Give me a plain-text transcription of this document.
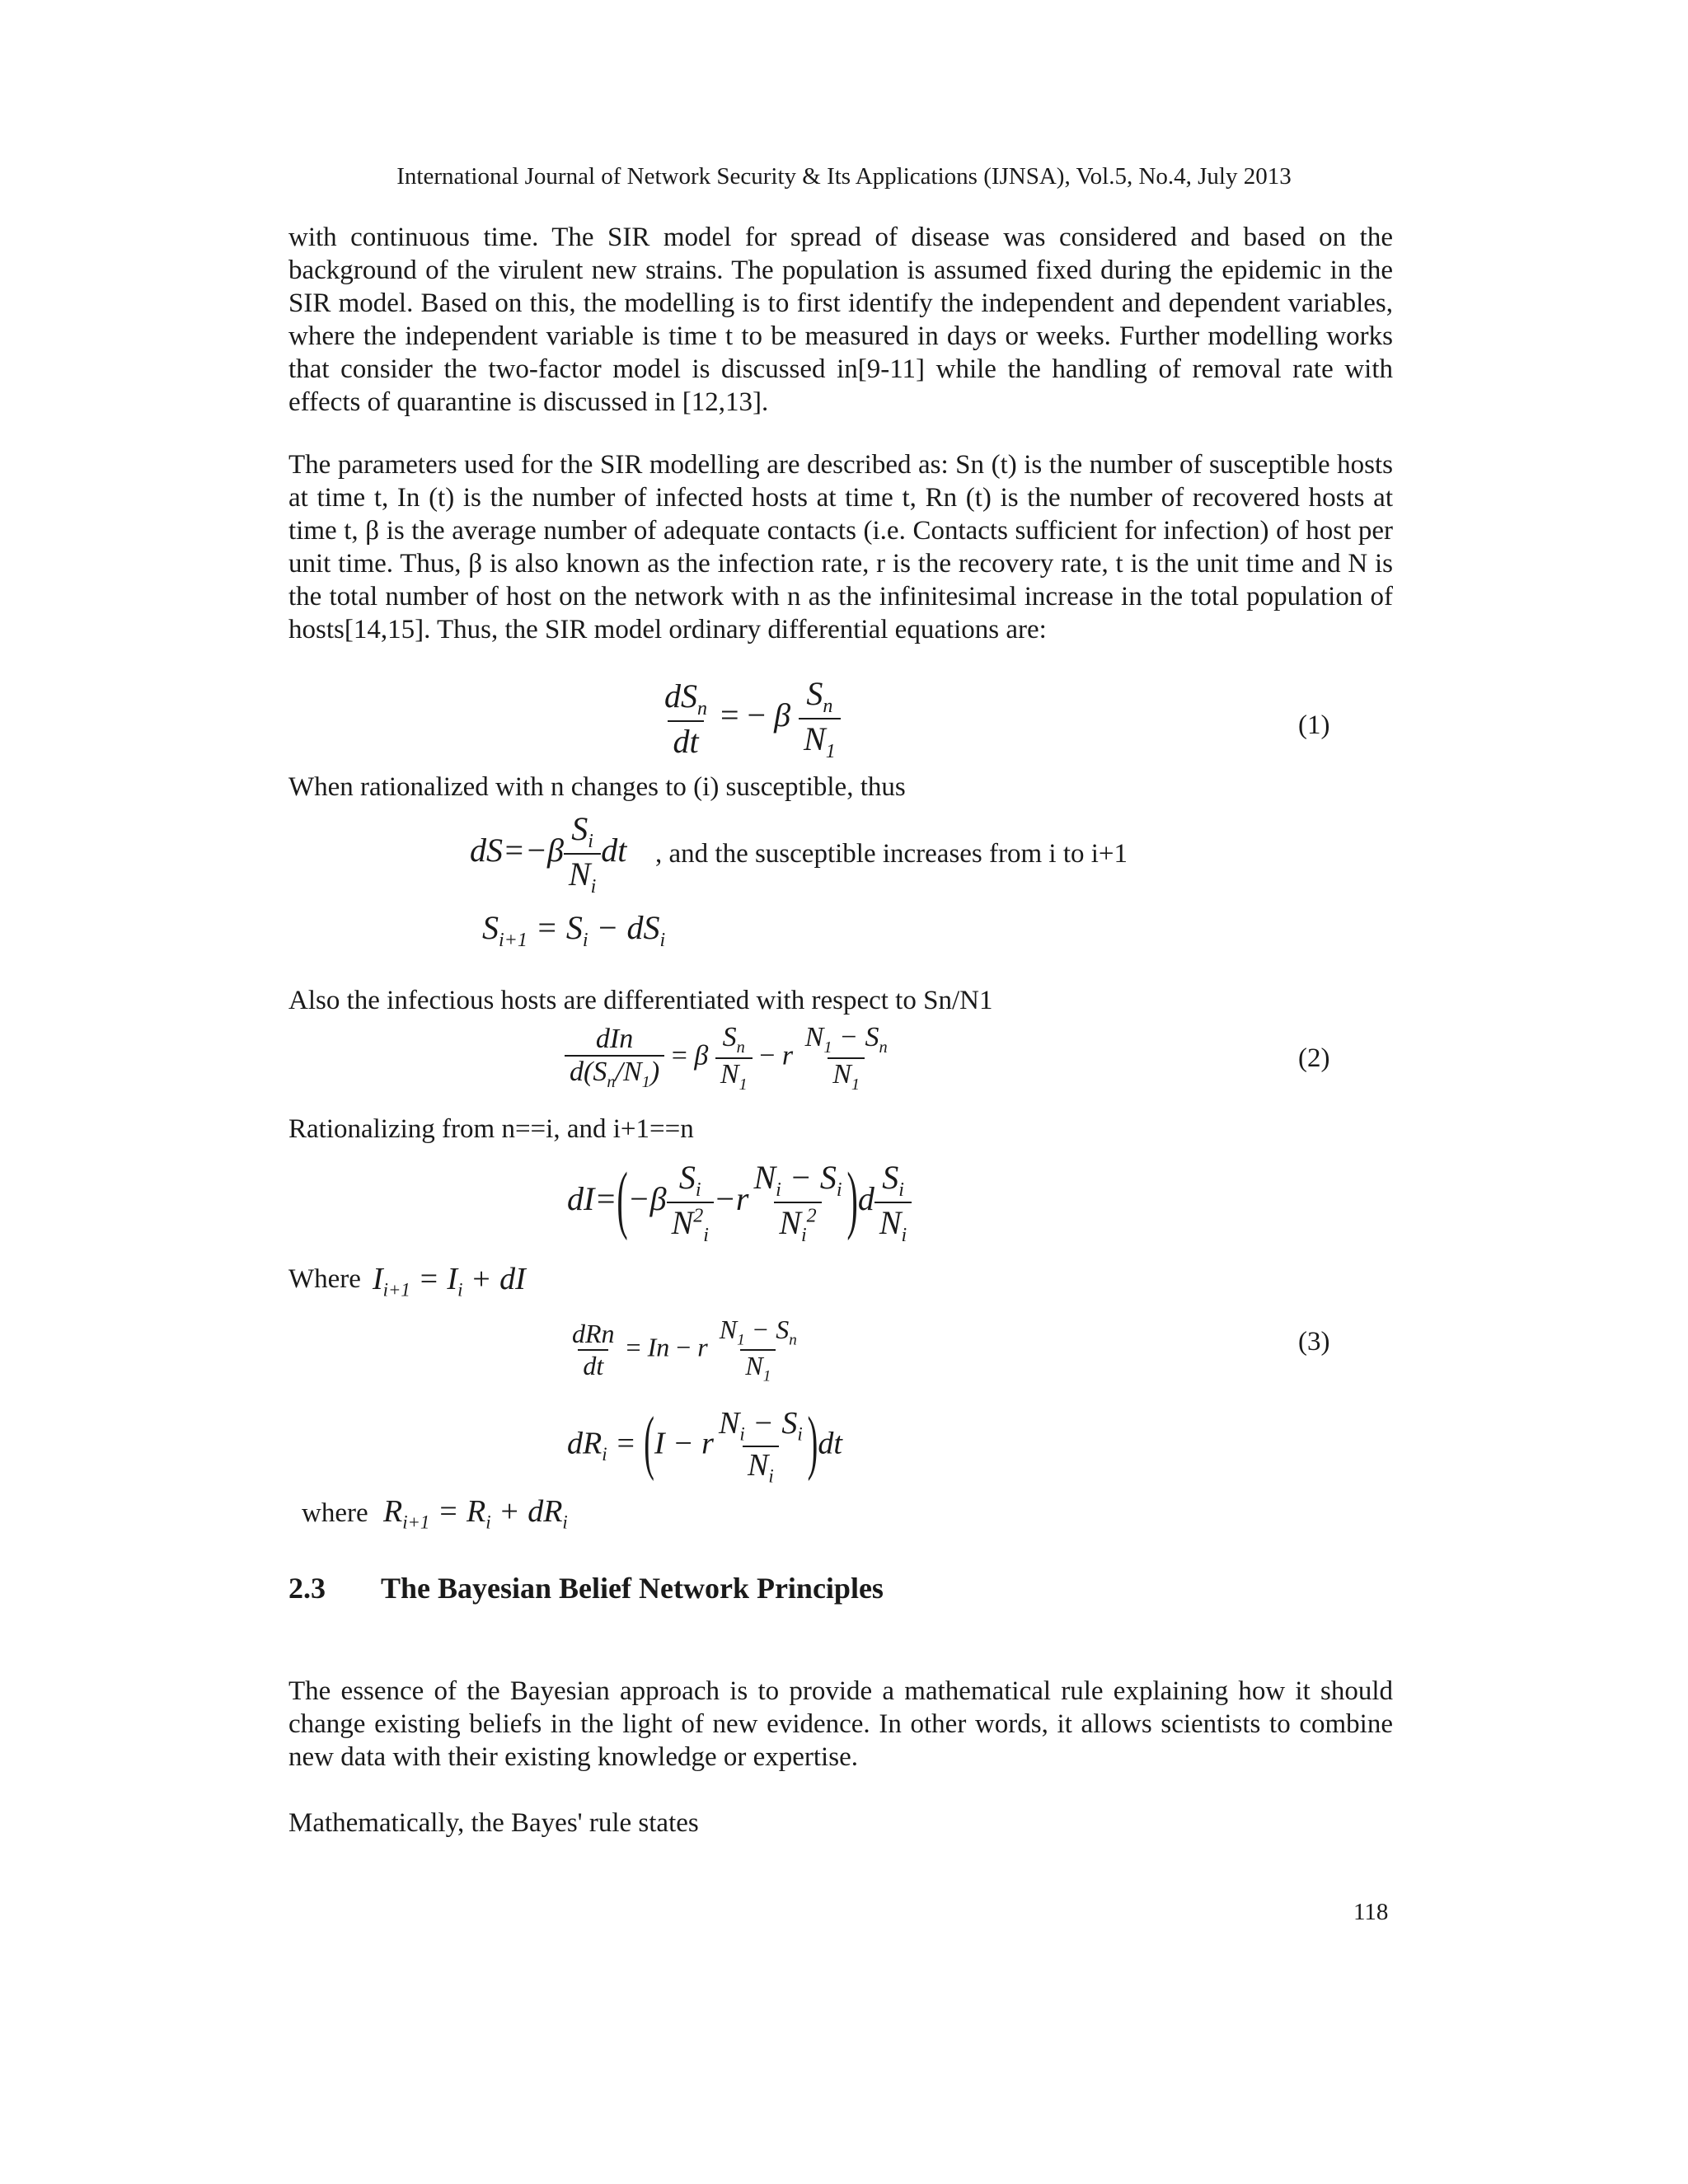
International Journal of Network Security & Its Applications (IJNSA), Vol.5, No.4, July 2013
with continuous time. The SIR model for spread of disease was considered and based on the background of the virulent new strains. The population is assumed fixed during the epidemic in the SIR model. Based on this, the modelling is to first identify the independent and dependent variables, where the independent variable is time t to be measured in days or weeks. Further modelling works that consider the two-factor model is discussed in[9-11] while the handling of removal rate with effects of quarantine is discussed in [12,13].
The parameters used for the SIR modelling are described as: Sn (t) is the number of susceptible hosts at time t, In (t) is the number of infected hosts at time t, Rn (t) is the number of recovered hosts at time t, β is the average number of adequate contacts (i.e. Contacts sufficient for infection) of host per unit time. Thus, β is also known as the infection rate, r is the recovery rate, t is the unit time and N is the total number of host on the network with n as the infinitesimal increase in the total population of hosts[14,15]. Thus, the SIR model ordinary differential equations are:
$\frac{dS_n}{dt}$ = − β $\frac{S_n}{N_1}$	(1)
When rationalized with n changes to (i) susceptible, thus
$dS=-\beta \frac{S_i}{N_i}$ dt , and the susceptible increases from i to i+1
$S_{i+1} = S_i - dS_i$
Also the infectious hosts are differentiated with respect to Sn/N1
$\frac{\text{dIn}}{d(S_n/N_1)} = \beta \frac{S_n}{N_1} - r \frac{N_1 - S_n}{N_1}$	(2)
Rationalizing from n==i, and i+1==n
$dI=(-\beta \frac{S_i}{N^2_i} -r \frac{N_i - S_i}{N_i^2} )d \frac{S_i}{N_i}$
Where $I_{i+1} = I_i$ + dI
$\frac{\text{dRn}}{dt} = In - r \frac{N_1 - S_n}{N_1}$	(3)
$dR_i = (I - r \frac{N_i - S_i}{N_i} )dt$
where $R_{i+1} = R_i + dR_i$
2.3 The Bayesian Belief Network Principles
The essence of the Bayesian approach is to provide a mathematical rule explaining how it should change existing beliefs in the light of new evidence. In other words, it allows scientists to combine new data with their existing knowledge or expertise.
Mathematically, the Bayes' rule states
118
